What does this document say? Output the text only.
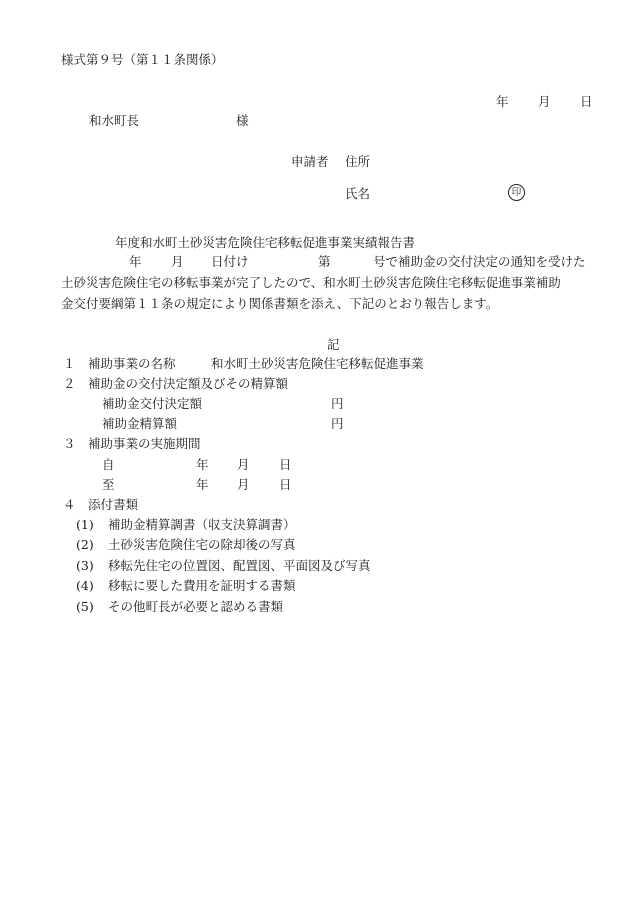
様式第９号（第１１条関係）
年 月 日
和水町長	様
申請者 住所
氏名	印
年度和水町土砂災害危険住宅移転促進事業実績報告書
年 月 日付け	第	号で補助金の交付決定の通知を受けた
土砂災害危険住宅の移転事業が完了したので、和水町土砂災害危険住宅移転促進事業補助
金交付要綱第１１条の規定により関係書類を添え、下記のとおり報告します。
記
１ 補助事業の名称	和水町土砂災害危険住宅移転促進事業
２ 補助金の交付決定額及びその精算額
補助金交付決定額	円
補助金精算額	円
３ 補助事業の実施期間
自	年 月 日
至	年 月 日
４ 添付書類
(1) 補助金精算調書（収支決算調書）
(2) 土砂災害危険住宅の除却後の写真
(3) 移転先住宅の位置図、配置図、平面図及び写真
(4) 移転に要した費用を証明する書類
(5) その他町長が必要と認める書類
